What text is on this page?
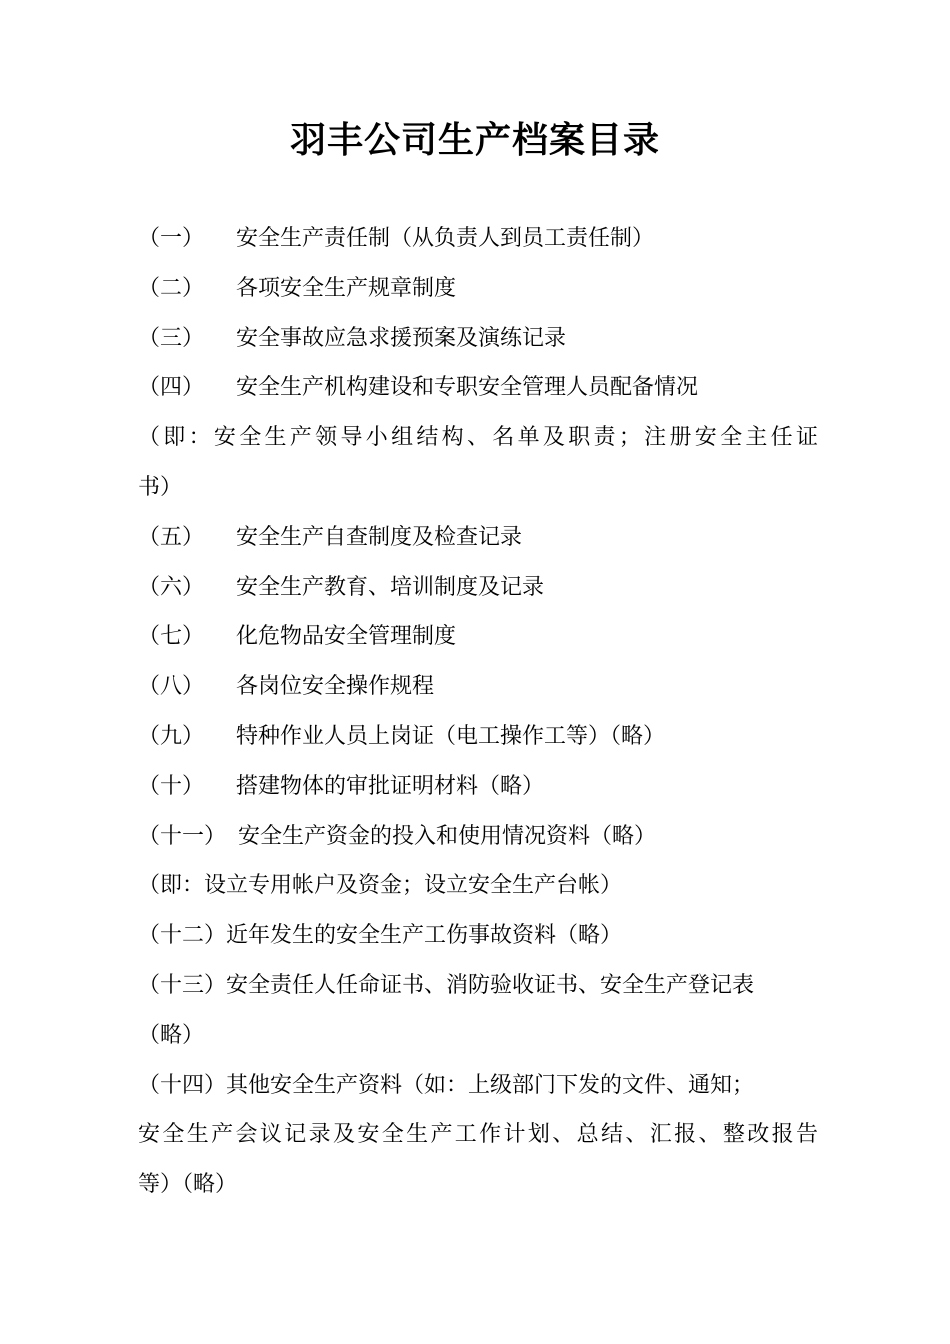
羽丰公司生产档案目录
（一）	安全生产责任制（从负责人到员工责任制）
（二）	各项安全生产规章制度
（三）	安全事故应急求援预案及演练记录
（四）	安全生产机构建设和专职安全管理人员配备情况
（即：安全生产领导小组结构、名单及职责；注册安全主任证
书）
（五）	安全生产自查制度及检查记录
（六）	安全生产教育、培训制度及记录
（七）	化危物品安全管理制度
（八）	各岗位安全操作规程
（九）	特种作业人员上岗证（电工操作工等）（略）
（十）	搭建物体的审批证明材料（略）
（十一） 安全生产资金的投入和使用情况资料（略）
（即：设立专用帐户及资金；设立安全生产台帐）
（十二） 近年发生的安全生产工伤事故资料（略）
（十三） 安全责任人任命证书、消防验收证书、安全生产登记表
（略）
（十四） 其他安全生产资料（如：上级部门下发的文件、通知；
安全生产会议记录及安全生产工作计划、总结、汇报、整改报告
等）（略）
